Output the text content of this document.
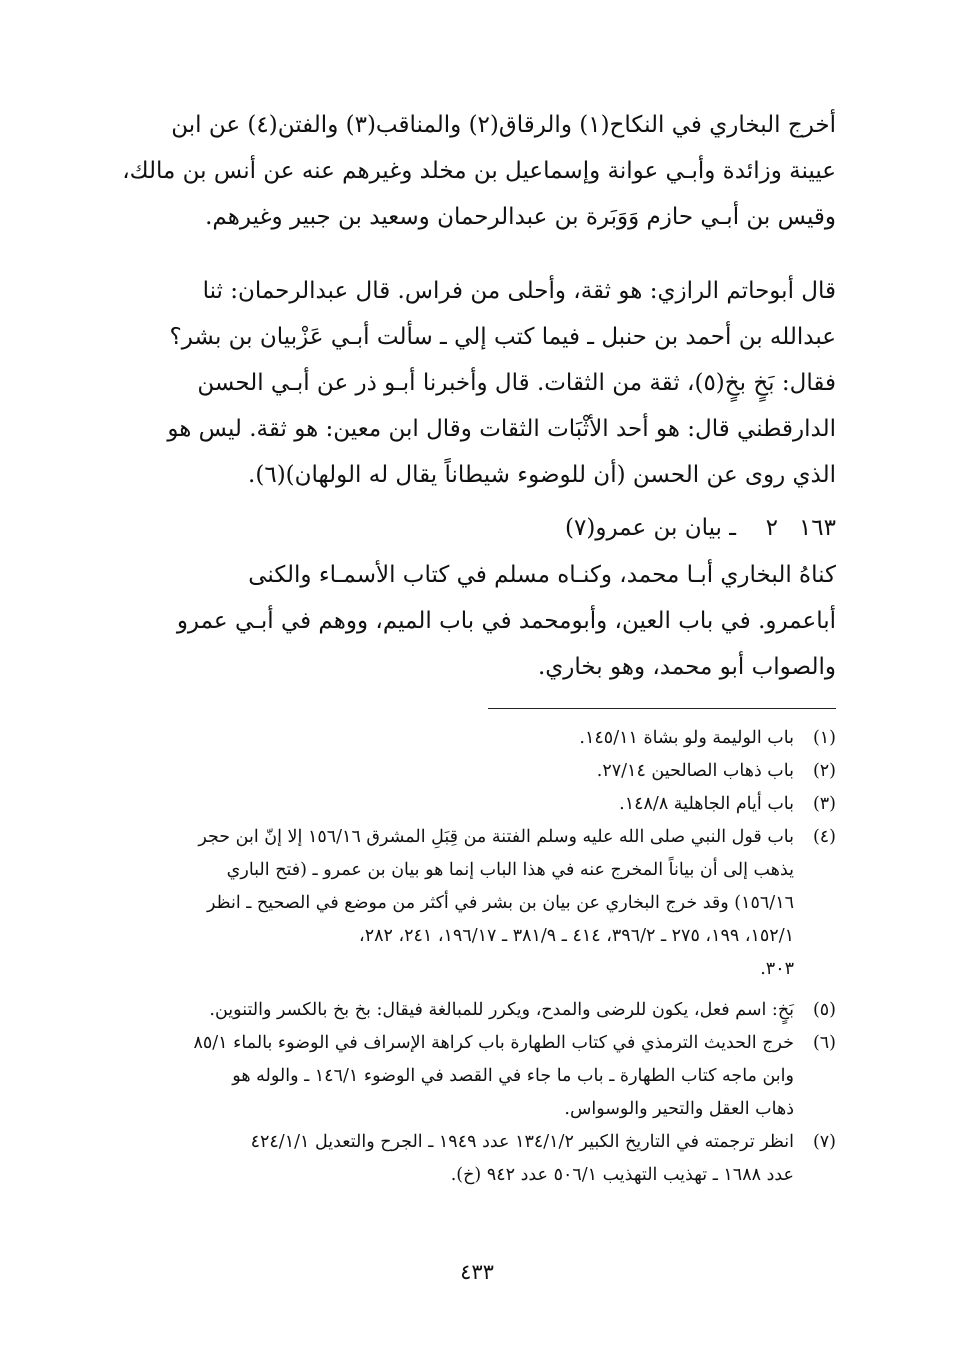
أخرج البخاري في النكاح(١) والرقاق(٢) والمناقب(٣) والفتن(٤) عن ابن
عيينة وزائدة وأبـي عوانة وإسماعيل بن مخلد وغيرهم عنه عن أنس بن مالك،
وقيس بن أبـي حازم وَوَبَرة بن عبدالرحمان وسعيد بن جبير وغيرهم.
قال أبوحاتم الرازي: هو ثقة، وأحلى من فراس. قال عبدالرحمان: ثنا
عبدالله بن أحمد بن حنبل ـ فيما كتب إلي ـ سألت أبـي عَزْبيان بن بشر؟
فقال: بَخٍ بخٍ(٥)، ثقة من الثقات. قال وأخبرنا أبـو ذر عن أبـي الحسن
الدارقطني قال: هو أحد الأثْبَات الثقات وقال ابن معين: هو ثقة. ليس هو
الذي روى عن الحسن (أن للوضوء شيطاناً يقال له الولهان)(٦).
١٦٣٢ـ بيان بن عمرو(٧)
كناهُ البخاري أبـا محمد، وكنـاه مسلم في كتاب الأسمـاء والكنى
أباعمرو. في باب العين، وأبومحمد في باب الميم، ووهم في أبـي عمرو
والصواب أبو محمد، وهو بخاري.
(١)
باب الوليمة ولو بشاة ١٤٥/١١.
(٢)
باب ذهاب الصالحين ٢٧/١٤.
(٣)
باب أيام الجاهلية ١٤٨/٨.
(٤)
باب قول النبي صلى الله عليه وسلم الفتنة من قِبَلِ المشرق ١٥٦/١٦ إلا إنّ ابن حجر
يذهب إلى أن بياناً المخرج عنه في هذا الباب إنما هو بيان بن عمرو ـ (فتح الباري
١٥٦/١٦) وقد خرج البخاري عن بيان بن بشر في أكثر من موضع في الصحيح ـ انظر
١٥٢/١، ١٩٩، ٢٧٥ ـ ٣٩٦/٢، ٤١٤ ـ ٣٨١/٩ ـ ١٩٦/١٧، ٢٤١، ٢٨٢،
٣٠٣.
(٥)
بَخٍ: اسم فعل، يكون للرضى والمدح، ويكرر للمبالغة فيقال: بخ بخ بالكسر والتنوين.
(٦)
خرج الحديث الترمذي في كتاب الطهارة باب كراهة الإسراف في الوضوء بالماء ٨٥/١
وابن ماجه كتاب الطهارة ـ باب ما جاء في القصد في الوضوء ١٤٦/١ ـ والوله هو
ذهاب العقل والتحير والوسواس.
(٧)
انظر ترجمته في التاريخ الكبير ١٣٤/١/٢ عدد ١٩٤٩ ـ الجرح والتعديل ٤٢٤/١/١
عدد ١٦٨٨ ـ تهذيب التهذيب ٥٠٦/١ عدد ٩٤٢ (خ).
٤٣٣
